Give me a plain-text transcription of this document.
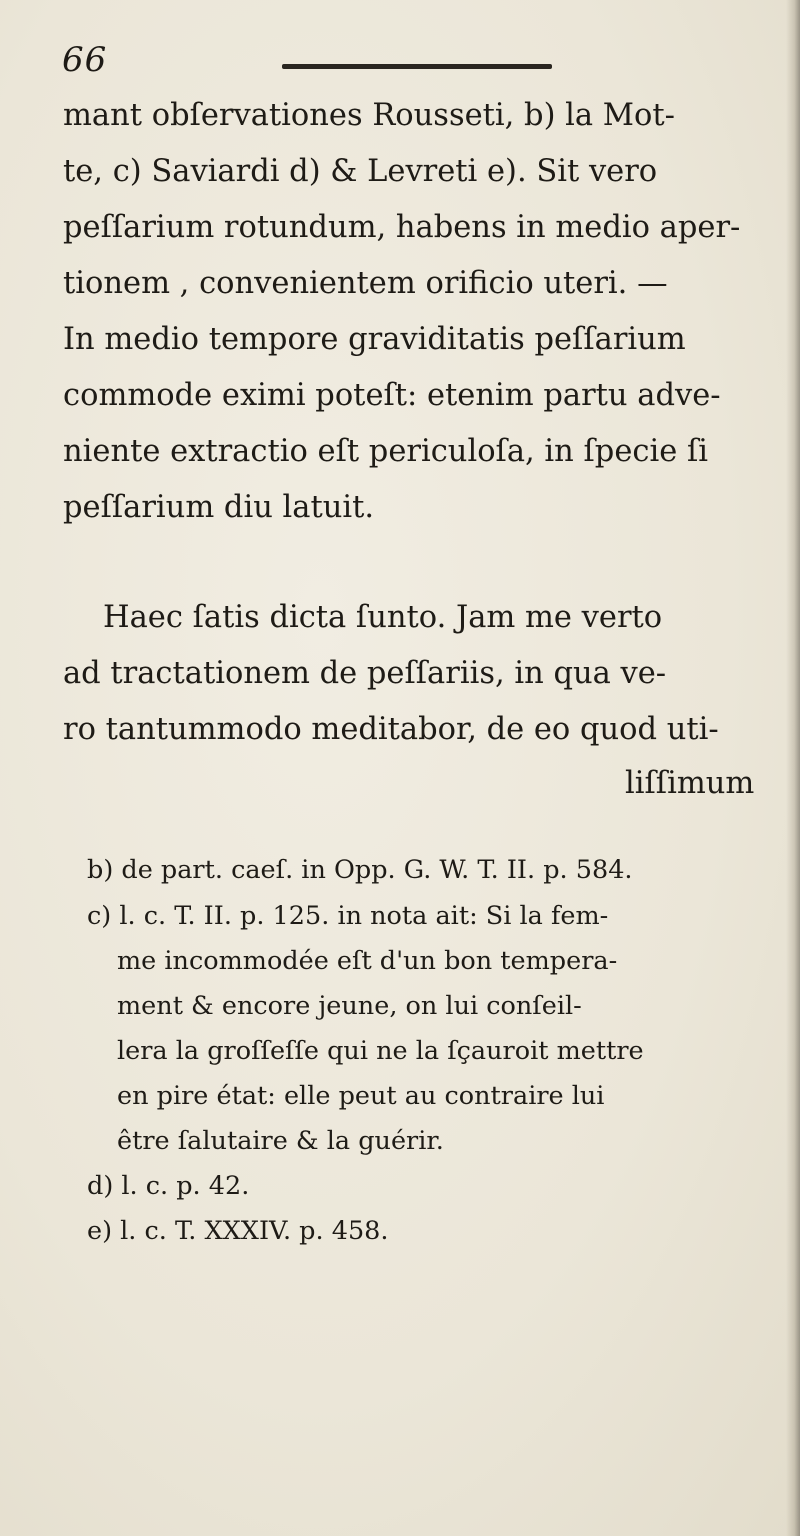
66
mant obſervationes Rousseti, b) la Mot-
te, c) Saviardi d) & Levreti e). Sit vero
peſſarium rotundum, habens in medio aper-
tionem , convenientem orificio uteri. —
In medio tempore graviditatis peſſarium
commode eximi poteſt: etenim partu adve-
niente extractio eſt periculoſa, in ſpecie ſi
peſſarium diu latuit.
Haec ſatis dicta ſunto. Jam me verto
ad tractationem de peſſariis, in qua ve-
ro tantummodo meditabor, de eo quod uti-
liſſimum
b) de part. caeſ. in Opp. G. W. T. II. p. 584.
c) l. c. T. II. p. 125. in nota ait: Si la fem-
me incommodée eſt d'un bon tempera-
ment & encore jeune, on lui conſeil-
lera la groſſeſſe qui ne la ſçauroit mettre
en pire état: elle peut au contraire lui
être ſalutaire & la guérir.
d) l. c. p. 42.
e) l. c. T. XXXIV. p. 458.
